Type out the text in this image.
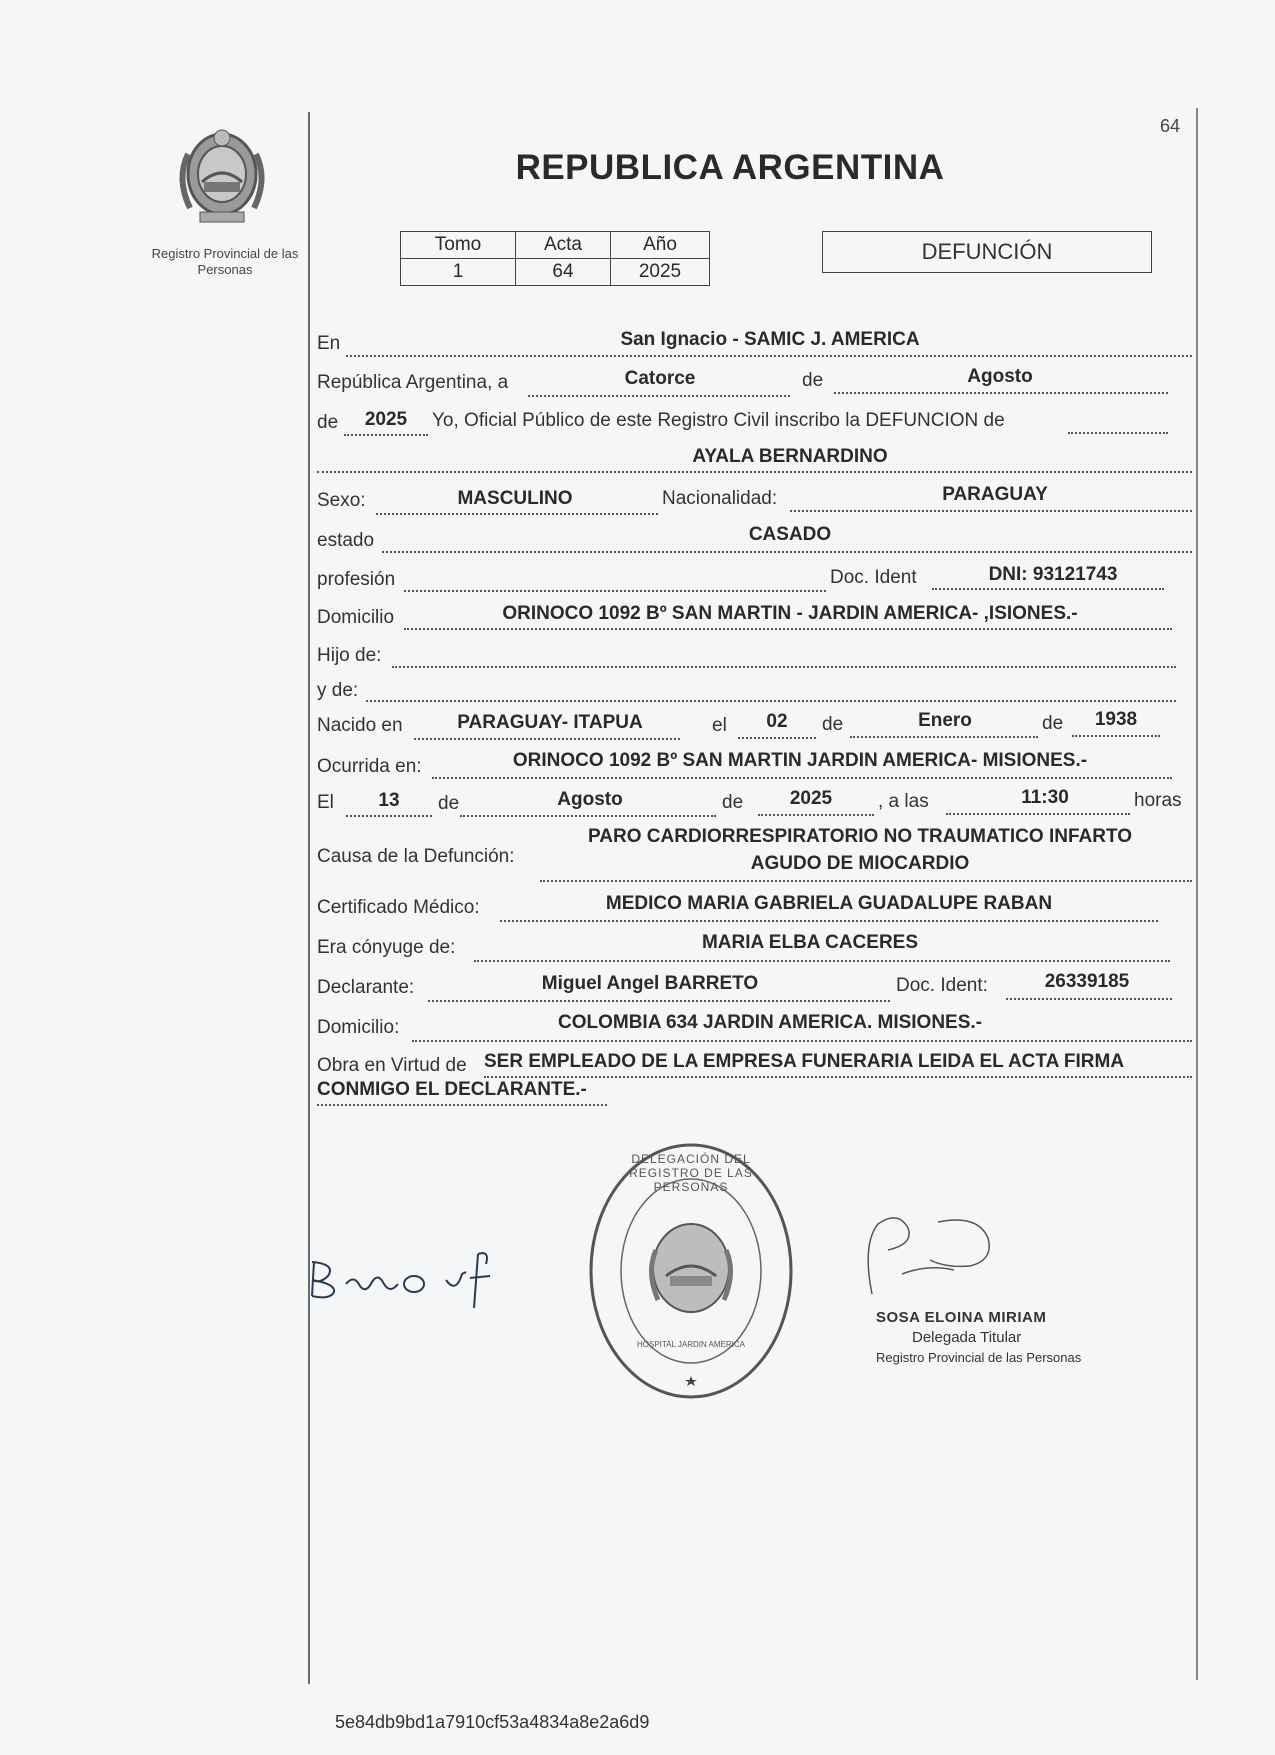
Registro Provincial de las Personas
REPUBLICA ARGENTINA
64
Tomo	Acta	Año
1	64	2025
DEFUNCIÓN
En	San Ignacio - SAMIC J. AMERICA
República Argentina, a	Catorce	de	Agosto
de	2025	Yo, Oficial Público de este Registro Civil inscribo la DEFUNCION de
AYALA BERNARDINO
Sexo:	MASCULINO	Nacionalidad:	PARAGUAY
estado	CASADO
profesión	Doc. Ident	DNI: 93121743
Domicilio	ORINOCO 1092 Bº SAN MARTIN - JARDIN AMERICA- ,ISIONES.-
Hijo de:
y de:
Nacido en	PARAGUAY- ITAPUA	el	02	de	Enero	de	1938
Ocurrida en:	ORINOCO 1092 Bº SAN MARTIN JARDIN AMERICA- MISIONES.-
El	13	de	Agosto	de	2025	, a las	11:30	horas
Causa de la Defunción:
PARO CARDIORRESPIRATORIO NO TRAUMATICO INFARTO
AGUDO DE MIOCARDIO
Certificado Médico:	MEDICO MARIA GABRIELA GUADALUPE RABAN
Era cónyuge de:	MARIA ELBA CACERES
Declarante:	Miguel Angel BARRETO	Doc. Ident:	26339185
Domicilio:	COLOMBIA 634 JARDIN AMERICA. MISIONES.-
Obra en Virtud de SER EMPLEADO DE LA EMPRESA FUNERARIA LEIDA EL ACTA FIRMA
CONMIGO EL DECLARANTE.-
DELEGACIÓN DEL REGISTRO DE LAS PERSONAS
HOSPITAL JARDIN AMERICA
SOSA ELOINA MIRIAM
Delegada Titular
Registro Provincial de las Personas
5e84db9bd1a7910cf53a4834a8e2a6d9
